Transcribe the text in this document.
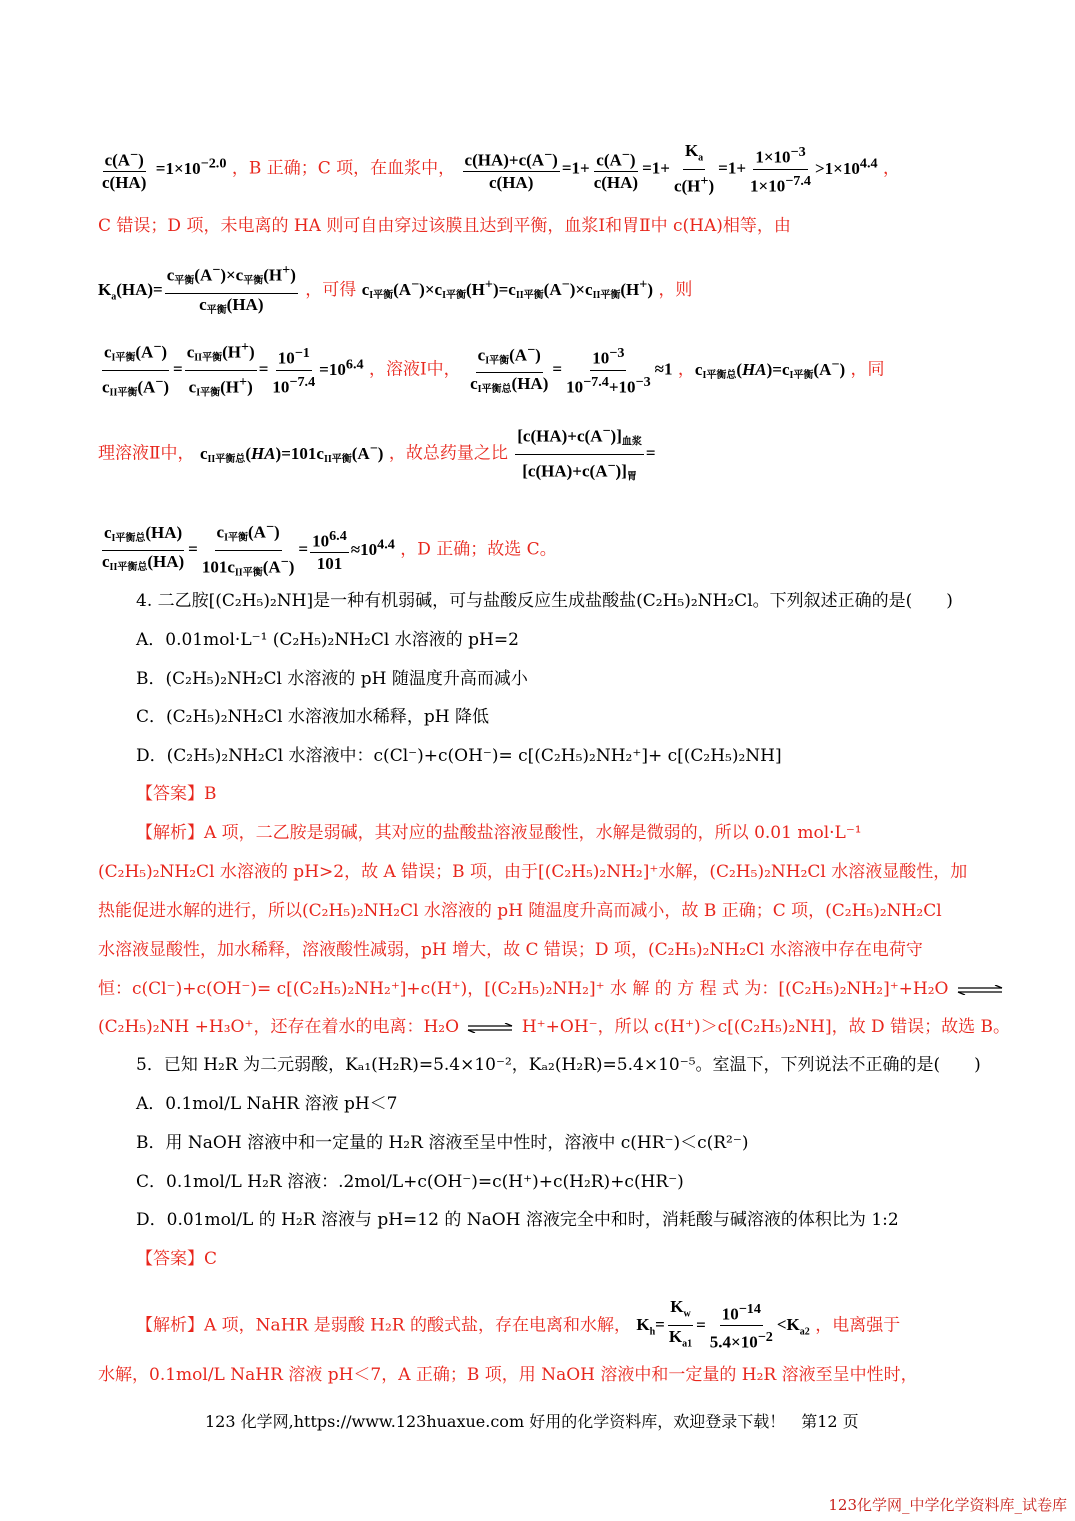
$\frac{c(A^-)}{c(HA)} =1\times 10^{-2.0}$ ，B 正确；C 项，在血浆中， $\frac{c(HA)+c(A^-)}{c(HA)} =1+ \frac{c(A^-)}{c(HA)} =1+ \frac{K_a}{c(H^+)} =1+ \frac{1\times 10^{-3}}{1\times 10^{-7.4}} >1\times 10^{4.4}$ ，
C 错误；D 项，未电离的 HA 则可自由穿过该膜且达到平衡，血浆Ⅰ和胃Ⅱ中 c(HA)相等，由
$K_a(HA)= \frac{c_{平衡}(A^-)\times c_{平衡}(H^+)}{c_{平衡}(HA)}$ ，可得 $c_{I平衡}(A^-)\times c_{I平衡}(H^+)=c_{II平衡}(A^-)\times c_{II平衡}(H^+)$ ，则
$\frac{c_{I平衡}(A^-)}{c_{II平衡}(A^-)} = \frac{c_{II平衡}(H^+)}{c_{I平衡}(H^+)} = \frac{10^{-1}}{10^{-7.4}} =10^{6.4}$ ，溶液Ⅰ中， $\frac{c_{I平衡}(A^-)}{c_{I平衡总}(HA)} = \frac{10^{-3}}{10^{-7.4}+10^{-3}} \approx 1$ ，$c_{I平衡总}(HA)=c_{I平衡}(A^-)$ ，同
理溶液Ⅱ中， $c_{II平衡总}(HA)=101c_{II平衡}(A^-)$ ，故总药量之比 $\frac{[c(HA)+c(A^-)]_{血浆}}{[c(HA)+c(A^-)]_胃}$ =
$\frac{c_{I平衡总}(HA)}{c_{II平衡总}(HA)} = \frac{c_{I平衡}(A^-)}{101c_{II平衡}(A^-)} = \frac{10^{6.4}}{101} \approx 10^{4.4}$ ，D 正确；故选 C。
4. 二乙胺[(C₂H₅)₂NH]是一种有机弱碱，可与盐酸反应生成盐酸盐(C₂H₅)₂NH₂Cl。下列叙述正确的是(　　)
A．0.01mol·L⁻¹ (C₂H₅)₂NH₂Cl 水溶液的 pH=2
B．(C₂H₅)₂NH₂Cl 水溶液的 pH 随温度升高而减小
C．(C₂H₅)₂NH₂Cl 水溶液加水稀释，pH 降低
D．(C₂H₅)₂NH₂Cl 水溶液中：c(Cl⁻)+c(OH⁻)= c[(C₂H₅)₂NH₂⁺]+ c[(C₂H₅)₂NH]
【答案】B
【解析】A 项，二乙胺是弱碱，其对应的盐酸盐溶液显酸性，水解是微弱的，所以 0.01 mol·L⁻¹
(C₂H₅)₂NH₂Cl 水溶液的 pH>2，故 A 错误；B 项，由于[(C₂H₅)₂NH₂]⁺水解，(C₂H₅)₂NH₂Cl 水溶液显酸性，加
热能促进水解的进行，所以(C₂H₅)₂NH₂Cl 水溶液的 pH 随温度升高而减小，故 B 正确；C 项，(C₂H₅)₂NH₂Cl
水溶液显酸性，加水稀释，溶液酸性减弱，pH 增大，故 C 错误；D 项，(C₂H₅)₂NH₂Cl 水溶液中存在电荷守
恒：c(Cl⁻)+c(OH⁻)= c[(C₂H₅)₂NH₂⁺]+c(H⁺)，[(C₂H₅)₂NH₂]⁺ 水 解 的 方 程 式 为：[(C₂H₅)₂NH₂]⁺+H₂O ⇌
(C₂H₅)₂NH +H₃O⁺，还存在着水的电离：H₂O ⇌ H⁺+OH⁻，所以 c(H⁺)＞c[(C₂H₅)₂NH]，故 D 错误；故选 B。
5．已知 H₂R 为二元弱酸，Kₐ₁(H₂R)=5.4×10⁻²，Kₐ₂(H₂R)=5.4×10⁻⁵。室温下，下列说法不正确的是(　　)
A．0.1mol/L NaHR 溶液 pH＜7
B．用 NaOH 溶液中和一定量的 H₂R 溶液至呈中性时，溶液中 c(HR⁻)＜c(R²⁻)
C．0.1mol/L H₂R 溶液：.2mol/L+c(OH⁻)=c(H⁺)+c(H₂R)+c(HR⁻)
D．0.01mol/L 的 H₂R 溶液与 pH=12 的 NaOH 溶液完全中和时，消耗酸与碱溶液的体积比为 1:2
【答案】C
【解析】A 项，NaHR 是弱酸 H₂R 的酸式盐，存在电离和水解， $K_h= \frac{K_w}{K_{a1}} = \frac{10^{-14}}{5.4\times 10^{-2}} <K_{a2}$ ，电离强于
水解，0.1mol/L NaHR 溶液 pH＜7，A 正确；B 项，用 NaOH 溶液中和一定量的 H₂R 溶液至呈中性时，
123 化学网,https://www.123huaxue.com 好用的化学资料库，欢迎登录下载！　第12 页
123化学网_中学化学资料库_试卷库
